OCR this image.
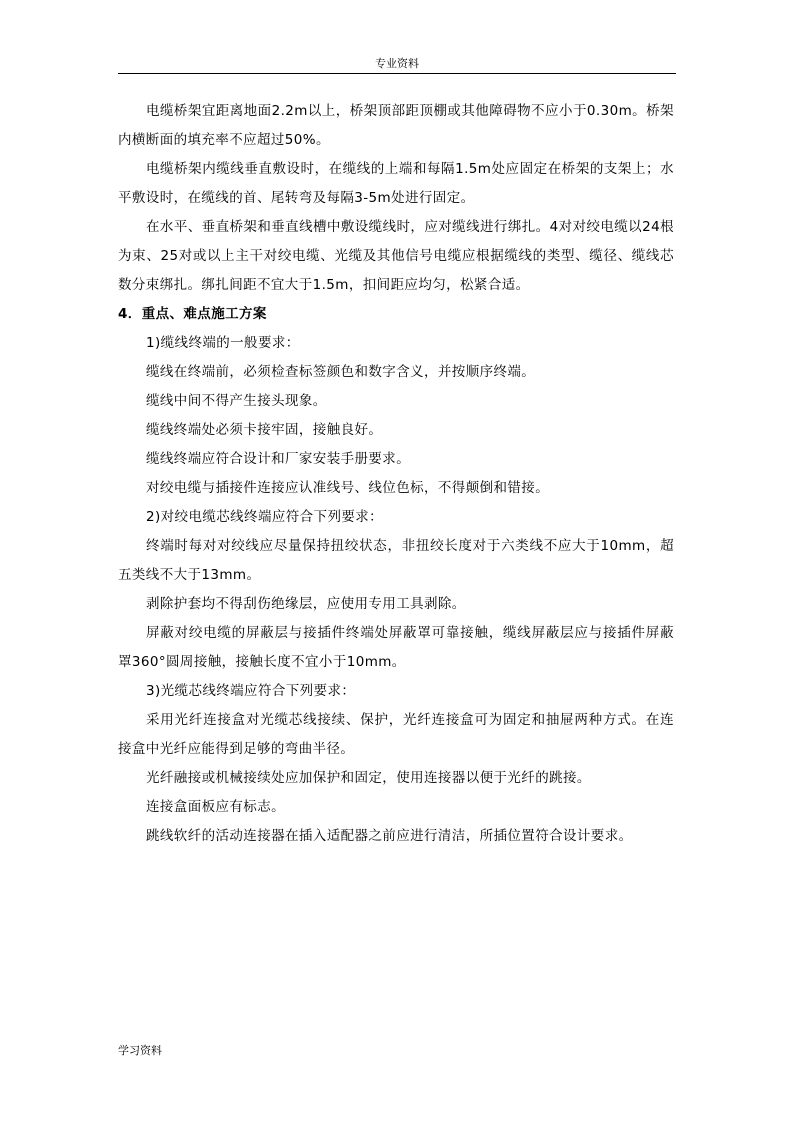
专业资料

电缆桥架宜距离地面2.2m以上，桥架顶部距顶棚或其他障碍物不应小于0.30m。桥架内横断面的填充率不应超过50%。

电缆桥架内缆线垂直敷设时，在缆线的上端和每隔1.5m处应固定在桥架的支架上；水平敷设时，在缆线的首、尾转弯及每隔3-5m处进行固定。

在水平、垂直桥架和垂直线槽中敷设缆线时，应对缆线进行绑扎。4对对绞电缆以24根为束、25对或以上主干对绞电缆、光缆及其他信号电缆应根据缆线的类型、缆径、缆线芯数分束绑扎。绑扎间距不宜大于1.5m，扣间距应均匀，松紧合适。

4．重点、难点施工方案

1)缆线终端的一般要求：

缆线在终端前，必须检查标签颜色和数字含义，并按顺序终端。

缆线中间不得产生接头现象。

缆线终端处必须卡接牢固，接触良好。

缆线终端应符合设计和厂家安装手册要求。

对绞电缆与插接件连接应认准线号、线位色标，不得颠倒和错接。

2)对绞电缆芯线终端应符合下列要求：

终端时每对对绞线应尽量保持扭绞状态，非扭绞长度对于六类线不应大于10mm，超五类线不大于13mm。

剥除护套均不得刮伤绝缘层，应使用专用工具剥除。

屏蔽对绞电缆的屏蔽层与接插件终端处屏蔽罩可靠接触，缆线屏蔽层应与接插件屏蔽罩360°圆周接触，接触长度不宜小于10mm。

3)光缆芯线终端应符合下列要求：

采用光纤连接盒对光缆芯线接续、保护，光纤连接盒可为固定和抽屉两种方式。在连接盒中光纤应能得到足够的弯曲半径。

光纤融接或机械接续处应加保护和固定，使用连接器以便于光纤的跳接。

连接盒面板应有标志。

跳线软纤的活动连接器在插入适配器之前应进行清洁，所插位置符合设计要求。

学习资料
